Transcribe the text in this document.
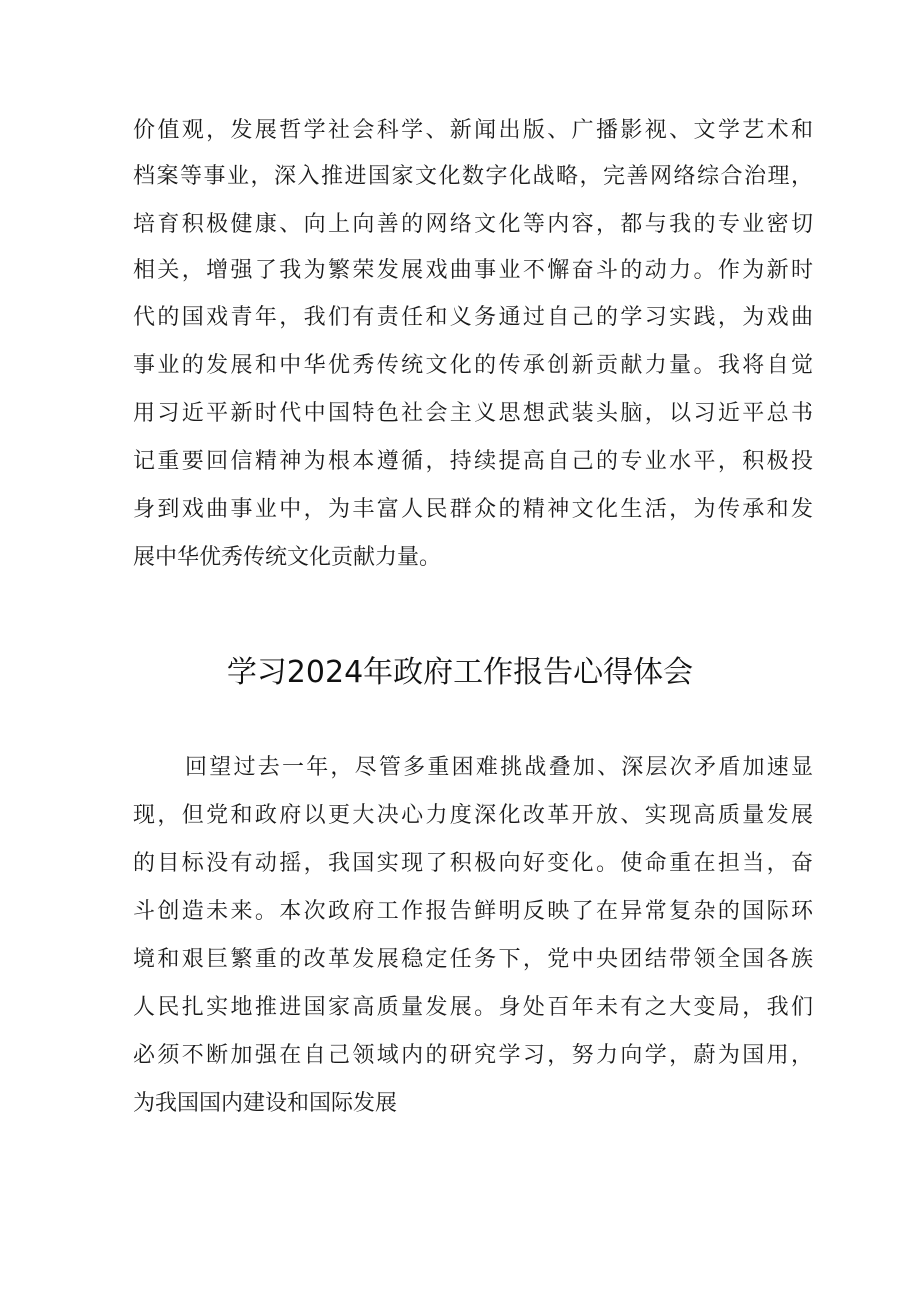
价值观，发展哲学社会科学、新闻出版、广播影视、文学艺术和
档案等事业，深入推进国家文化数字化战略，完善网络综合治理，
培育积极健康、向上向善的网络文化等内容，都与我的专业密切
相关，增强了我为繁荣发展戏曲事业不懈奋斗的动力。作为新时
代的国戏青年，我们有责任和义务通过自己的学习实践，为戏曲
事业的发展和中华优秀传统文化的传承创新贡献力量。我将自觉
用习近平新时代中国特色社会主义思想武装头脑，以习近平总书
记重要回信精神为根本遵循，持续提高自己的专业水平，积极投
身到戏曲事业中，为丰富人民群众的精神文化生活，为传承和发
展中华优秀传统文化贡献力量。
学习2024年政府工作报告心得体会
回望过去一年，尽管多重困难挑战叠加、深层次矛盾加速显
现，但党和政府以更大决心力度深化改革开放、实现高质量发展
的目标没有动摇，我国实现了积极向好变化。使命重在担当，奋
斗创造未来。本次政府工作报告鲜明反映了在异常复杂的国际环
境和艰巨繁重的改革发展稳定任务下，党中央团结带领全国各族
人民扎实地推进国家高质量发展。身处百年未有之大变局，我们
必须不断加强在自己领域内的研究学习，努力向学，蔚为国用，
为我国国内建设和国际发展
